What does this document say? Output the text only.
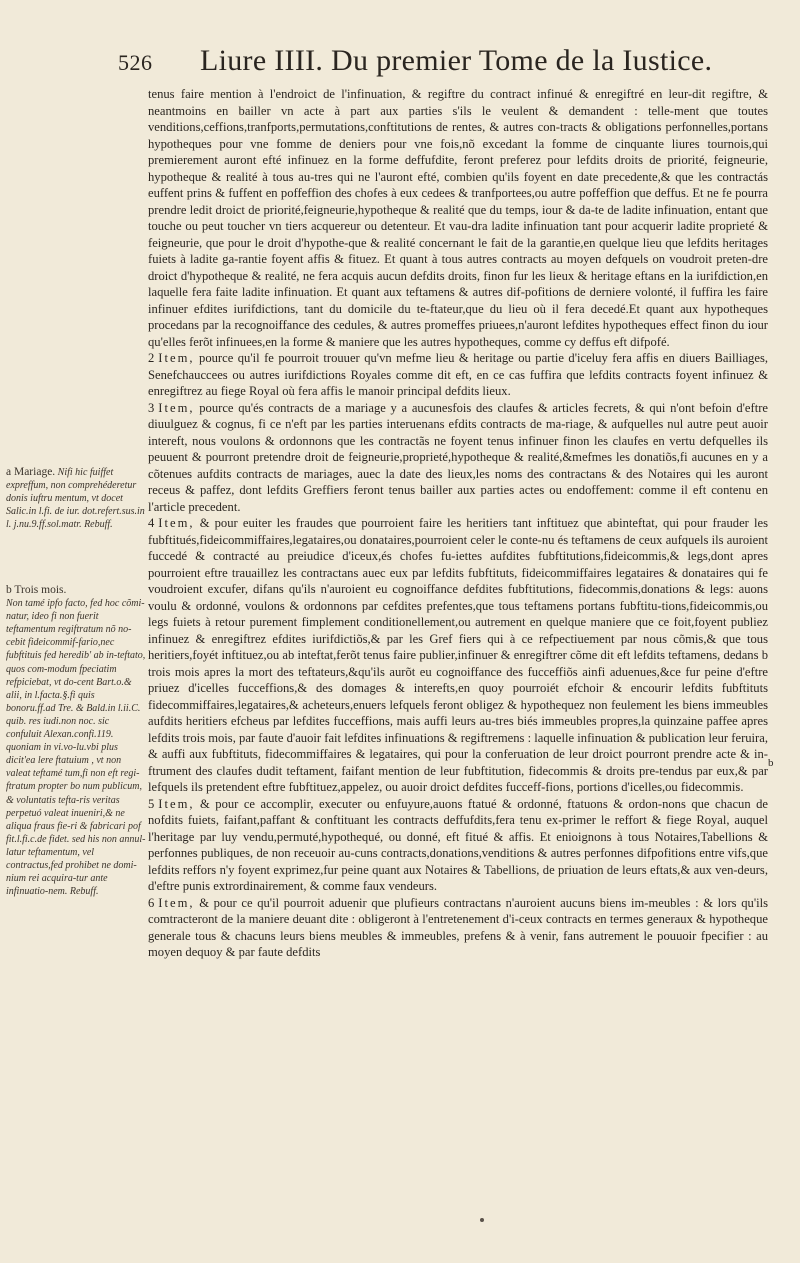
526 Liure IIII. Du premier Tome de la Iustice.

tenus faire mention à l'endroict de l'infinuation, & regiftre du contract infinué & enregiftré en leur-dit regiftre, & neantmoins en bailler vn acte à part aux parties s'ils le veulent & demandent : telle-ment que toutes venditions,ceffions,tranfports,permutations,conftitutions de rentes, & autres con-tracts & obligations perfonnelles,portans hypotheques pour vne fomme de deniers pour vne fois,nõ excedant la fomme de cinquante liures tournois,qui premierement auront efté infinuez en la forme deffufdite, feront preferez pour lefdits droits de priorité, feigneurie, hypotheque & realité à tous au-tres qui ne l'auront efté, combien qu'ils foyent en date precedente,& que les contractás euffent prins & fuffent en poffeffion des chofes à eux cedees & tranfportees,ou autre poffeffion que deffus. Et ne fe pourra prendre ledit droict de priorité,feigneurie,hypotheque & realité que du temps, iour & da-te de ladite infinuation, entant que touche ou peut toucher vn tiers acquereur ou detenteur. Et vau-dra ladite infinuation tant pour acquerir ladite proprieté & feigneurie, que pour le droit d'hypothe-que & realité concernant le fait de la garantie,en quelque lieu que lefdits heritages fuiets à ladite ga-rantie foyent affis & fituez. Et quant à tous autres contracts au moyen defquels on voudroit preten-dre droict d'hypotheque & realité, ne fera acquis aucun defdits droits, finon fur les lieux & heritage eftans en la iurifdiction,en laquelle fera faite ladite infinuation. Et quant aux teftamens & autres dif-pofitions de derniere volonté, il fuffira les faire infinuer efdites iurifdictions, tant du domicile du te-ftateur,que du lieu où il fera decedé.Et quant aux hypotheques procedans par la recognoiffance des cedules, & autres promeffes priuees,n'auront lefdites hypotheques effect finon du iour qu'elles ferõt infinuees,en la forme & maniere que les autres hypotheques, comme cy deffus eft difpofé.

2 Item, pource qu'il fe pourroit trouuer qu'vn mefme lieu & heritage ou partie d'iceluy fera affis en diuers Bailliages, Senefchauccees ou autres iurifdictions Royales comme dit eft, en ce cas fuffira que lefdits contracts foyent infinuez & enregiftrez au fiege Royal où fera affis le manoir principal defdits lieux.

3 Item, pource qu'és contracts de a mariage y a aucunesfois des claufes & articles fecrets, & qui n'ont befoin d'eftre diuulguez & cognus, fi ce n'eft par les parties interuenans efdits contracts de ma-riage, & aufquelles nul autre peut auoir intereft, nous voulons & ordonnons que les contractãs ne foyent tenus infinuer finon les claufes en vertu defquelles ils peuuent & pourront pretendre droit de feigneurie,proprieté,hypotheque & realité,&mefmes les donatiõs,fi aucunes en y a cõtenues aufdits contracts de mariages, auec la date des lieux,les noms des contractans & des Notaires qui les auront receus & paffez, dont lefdits Greffiers feront tenus bailler aux parties actes ou endoffement: comme il eft contenu en l'article precedent.

4 Item, & pour euiter les fraudes que pourroient faire les heritiers tant inftituez que abinteftat, qui pour frauder les fubftitués,fideicommiffaires,legataires,ou donataires,pourroient celer le conte-nu és teftamens de ceux aufquels ils auroient fuccedé & contracté au preiudice d'iceux,és chofes fu-iettes aufdites fubftitutions,fideicommis,& legs,dont apres pourroient eftre trauaillez les contractans auec eux par lefdits fubftituts, fideicommiffaires legataires & donataires qui fe voudroient excufer, difans qu'ils n'auroient eu cognoiffance defdites fubftitutions, fidecommis,donations & legs: auons voulu & ordonné, voulons & ordonnons par cefdites prefentes,que tous teftamens portans fubftitu-tions,fideicommis,ou legs fuiets à retour purement fimplement conditionellement,ou autrement en quelque maniere que ce foit,foyent publiez infinuez & enregiftrez efdites iurifdictiõs,& par les Gref fiers qui à ce refpectiuement par nous cõmis,& que tous heritiers,foyét inftituez,ou ab inteftat,ferõt tenus faire publier,infinuer & enregiftrer cõme dit eft lefdits teftamens, dedans b trois mois apres la mort des teftateurs,&qu'ils aurõt eu cognoiffance des fucceffiõs ainfi aduenues,&ce fur peine d'eftre priuez d'icelles fucceffions,& des domages & interefts,en quoy pourroiét efchoir & encourir lefdits fubftituts fidecommiffaires,legataires,& acheteurs,enuers lefquels feront obligez & hypothequez non feulement les biens immeubles aufdits heritiers efcheus par lefdites fucceffions, mais auffi leurs au-tres biés immeubles propres,la quinzaine paffee apres lefdits trois mois, par faute d'auoir fait lefdites infinuations & regiftremens : laquelle infinuation & publication leur feruira, & auffi aux fubftituts, fidecommiffaires & legataires, qui pour la conferuation de leur droict pourront prendre acte & in-ftrument des claufes dudit teftament, faifant mention de leur fubftitution, fidecommis & droits pre-tendus par eux,& par lefquels ils pretendent eftre fubftituez,appelez, ou auoir droict defdites fucceff-fions, portions d'icelles,ou fidecommis.

5 Item, & pour ce accomplir, executer ou enfuyure,auons ftatué & ordonné, ftatuons & ordon-nons que chacun de nofdits fuiets, faifant,paffant & conftituant les contracts deffufdits,fera tenu ex-primer le reffort & fiege Royal, auquel l'heritage par luy vendu,permuté,hypothequé, ou donné, eft fitué & affis. Et enioignons à tous Notaires,Tabellions & perfonnes publiques, de non receuoir au-cuns contracts,donations,venditions & autres perfonnes difpofitions entre vifs,que lefdits reffors n'y foyent exprimez,fur peine quant aux Notaires & Tabellions, de priuation de leurs eftats,& aux ven-deurs, d'eftre punis extrordinairement, & comme faux vendeurs.

6 Item, & pour ce qu'il pourroit aduenir que plufieurs contractans n'auroient aucuns biens im-meubles : & lors qu'ils comtracteront de la maniere deuant dite : obligeront à l'entretenement d'i-ceux contracts en termes generaux & hypotheque generale tous & chacuns leurs biens meubles & immeubles, prefens & à venir, fans autrement le pouuoir fpecifier : au moyen dequoy & par faute defdits

a Mariage. Nifi hic fuiffet expreffum, non comprehéderetur donis iuftru mentum, vt docet Salic.in l.fi. de iur. dot.refert.sus.in l. j.nu.9.ff.sol.matr. Rebuff.
b Trois mois.
Non tamé ipfo facto, fed hoc cõmi-natur, ideo fi non fuerit teftamentum regiftratum nõ no-cebit fideicommif-fario,nec fubftituis fed heredib' ab in-teftato, quos com-modum fpeciatim refpiciebat, vt do-cent Bart.o.& alii, in l.facta.§.fi quis bonoru.ff.ad Tre. & Bald.in l.ii.C. quib. res iudi.non noc. sic confuluit Alexan.confi.119. quoniam in vi.vo-lu.vbi plus dicit'ea lere ftatuium , vt non valeat teftamé tum,fi non eft regi-ftratum propter bo num publicum, & voluntatis tefta-ris veritas perpetuó valeat inueniri,& ne aliqua fraus fie-ri & fabricari pof fit.l.fi.c.de fidet. sed his non annul-latur teftamentum, vel contractus,fed prohibet ne domi-nium rei acquira-tur ante infinuatio-nem. Rebuff.
b
